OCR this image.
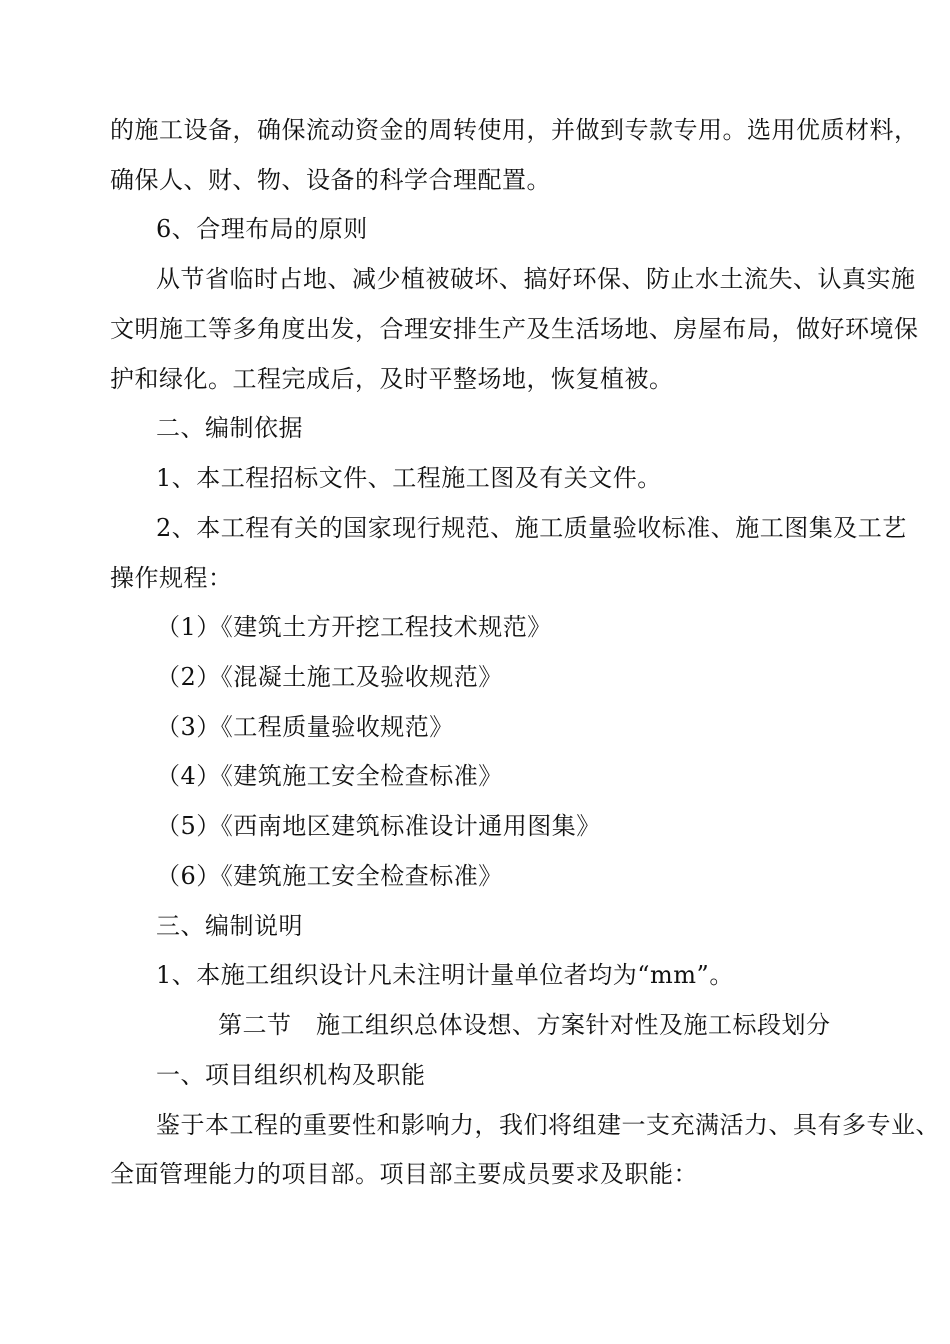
的施工设备，确保流动资金的周转使用，并做到专款专用。选用优质材料，
确保人、财、物、设备的科学合理配置。
6、合理布局的原则
从节省临时占地、减少植被破坏、搞好环保、防止水土流失、认真实施
文明施工等多角度出发，合理安排生产及生活场地、房屋布局，做好环境保
护和绿化。工程完成后，及时平整场地，恢复植被。
二、编制依据
1、本工程招标文件、工程施工图及有关文件。
2、本工程有关的国家现行规范、施工质量验收标准、施工图集及工艺
操作规程：
（1）《建筑土方开挖工程技术规范》
（2）《混凝土施工及验收规范》
（3）《工程质量验收规范》
（4）《建筑施工安全检查标准》
（5）《西南地区建筑标准设计通用图集》
（6）《建筑施工安全检查标准》
三、编制说明
1、本施工组织设计凡未注明计量单位者均为“mm”。
第二节　施工组织总体设想、方案针对性及施工标段划分
一、项目组织机构及职能
鉴于本工程的重要性和影响力，我们将组建一支充满活力、具有多专业、
全面管理能力的项目部。项目部主要成员要求及职能：
